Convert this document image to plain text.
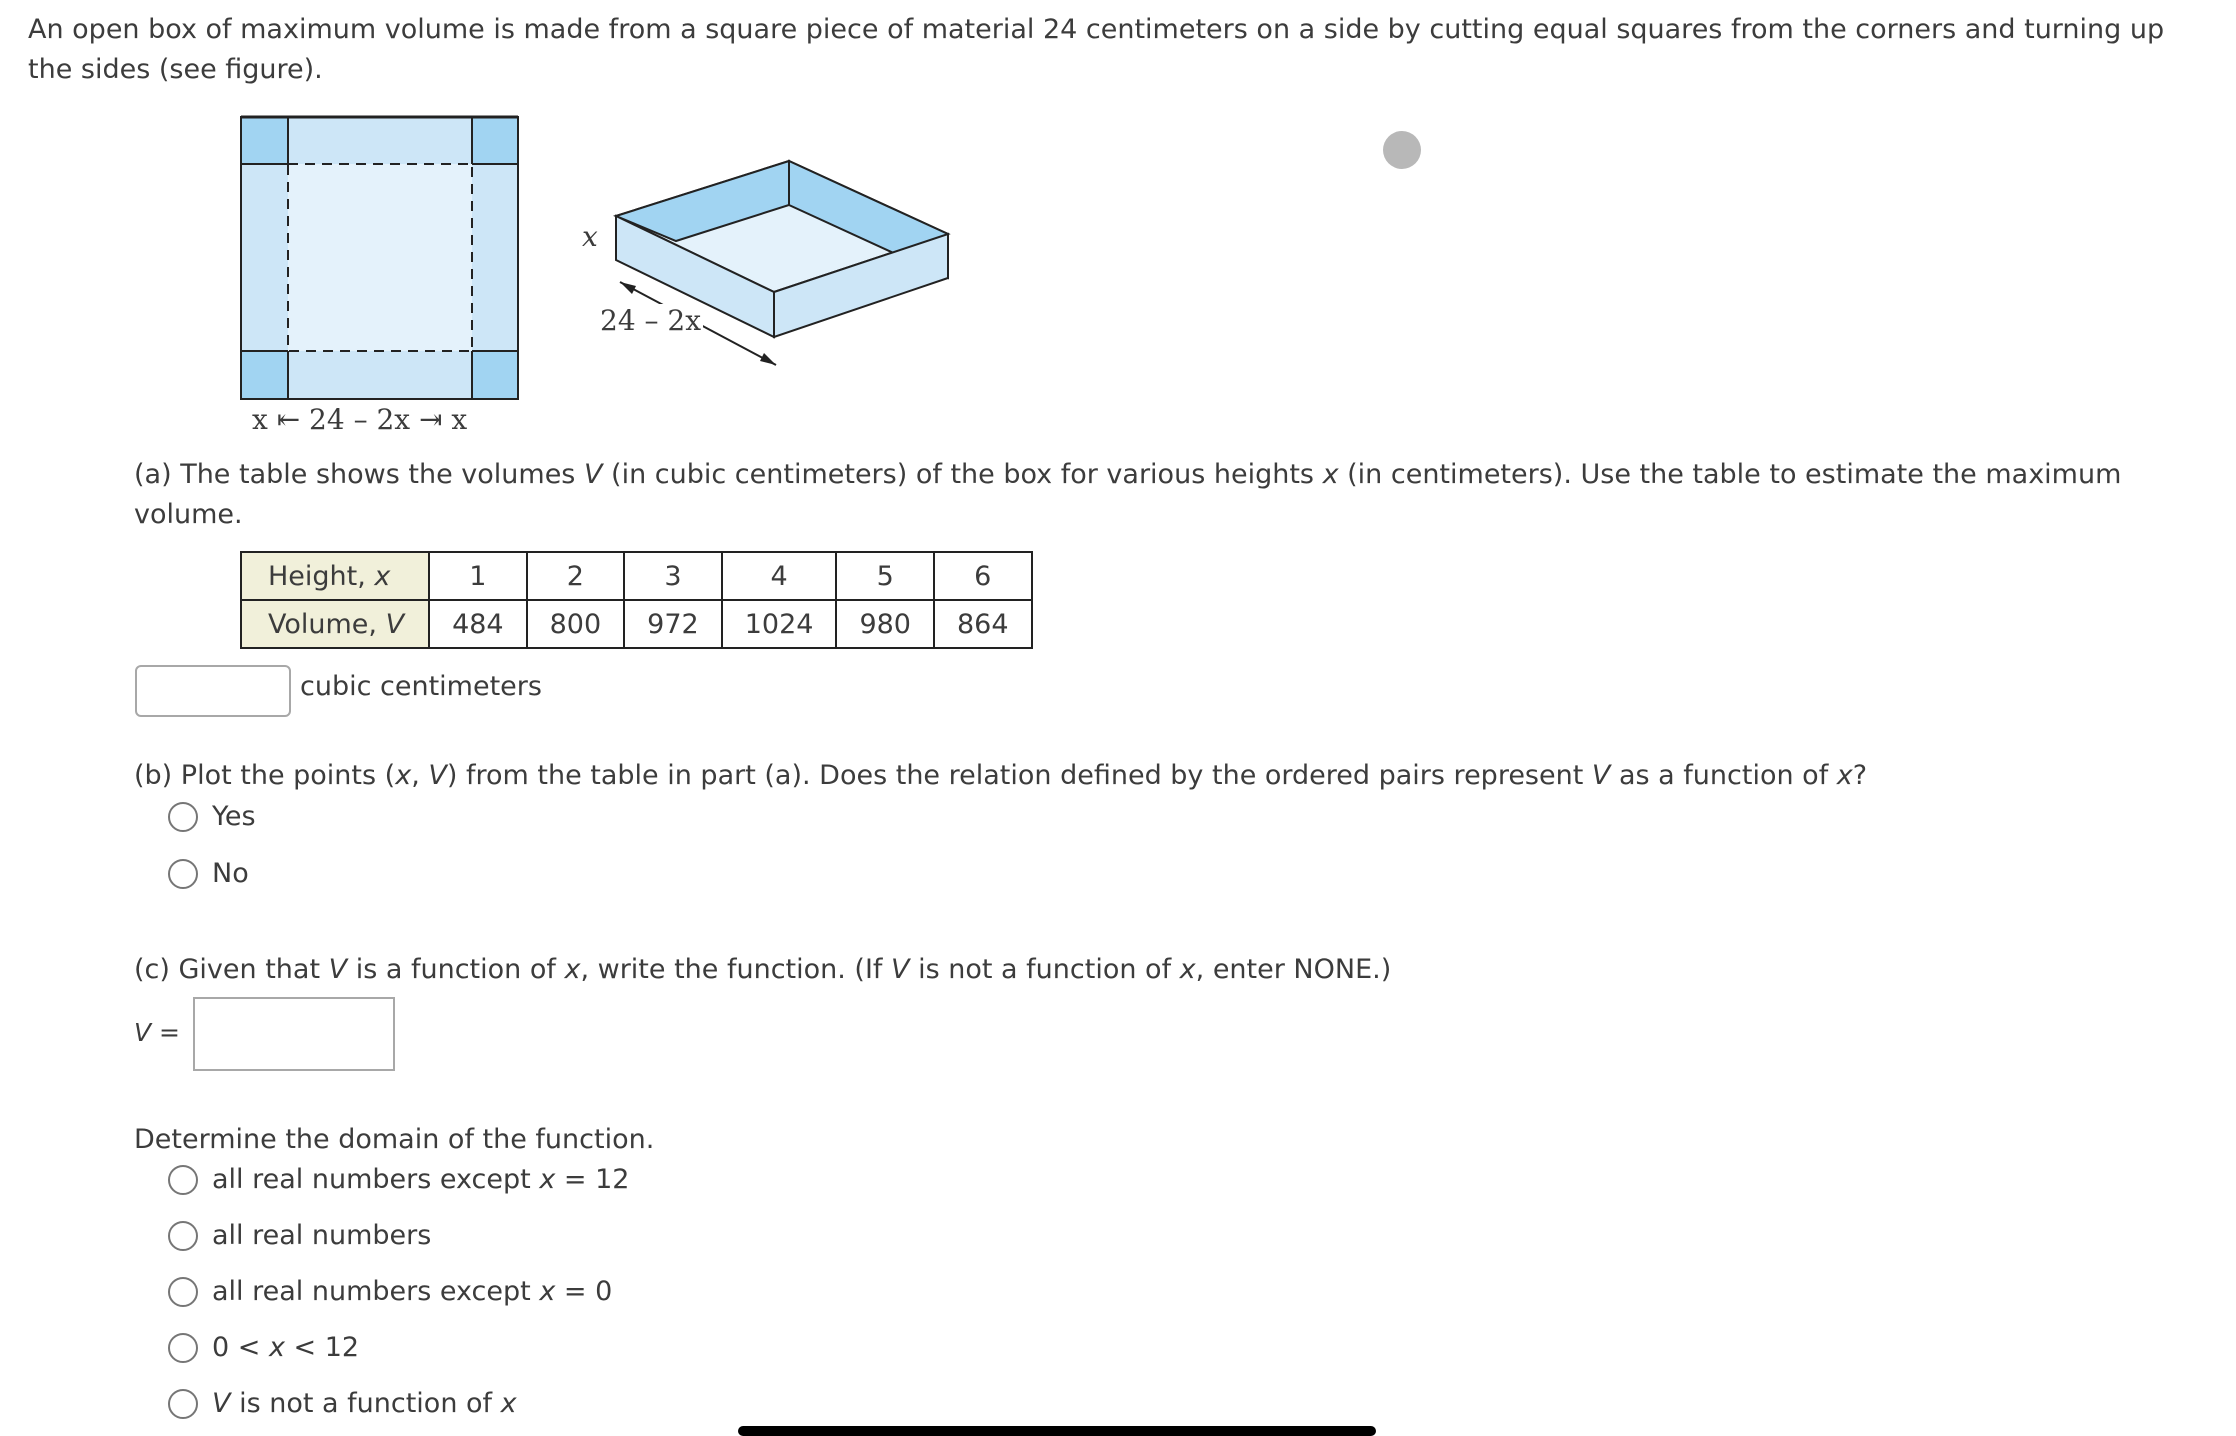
An open box of maximum volume is made from a square piece of material 24 centimeters on a side by cutting equal squares from the corners and turning up the sides (see figure).
x
24 – 2x
x ⇤ 24 – 2x ⇥ x
(a) The table shows the volumes V (in cubic centimeters) of the box for various heights x (in centimeters). Use the table to estimate the maximum volume.
Height, x	1	2	3	4	5	6
Volume, V	484	800	972	1024	980	864
cubic centimeters
(b) Plot the points (x, V) from the table in part (a). Does the relation defined by the ordered pairs represent V as a function of x?
Yes
No
(c) Given that V is a function of x, write the function. (If V is not a function of x, enter NONE.)
V =
Determine the domain of the function.
all real numbers except x = 12
all real numbers
all real numbers except x = 0
0 < x < 12
V is not a function of x
